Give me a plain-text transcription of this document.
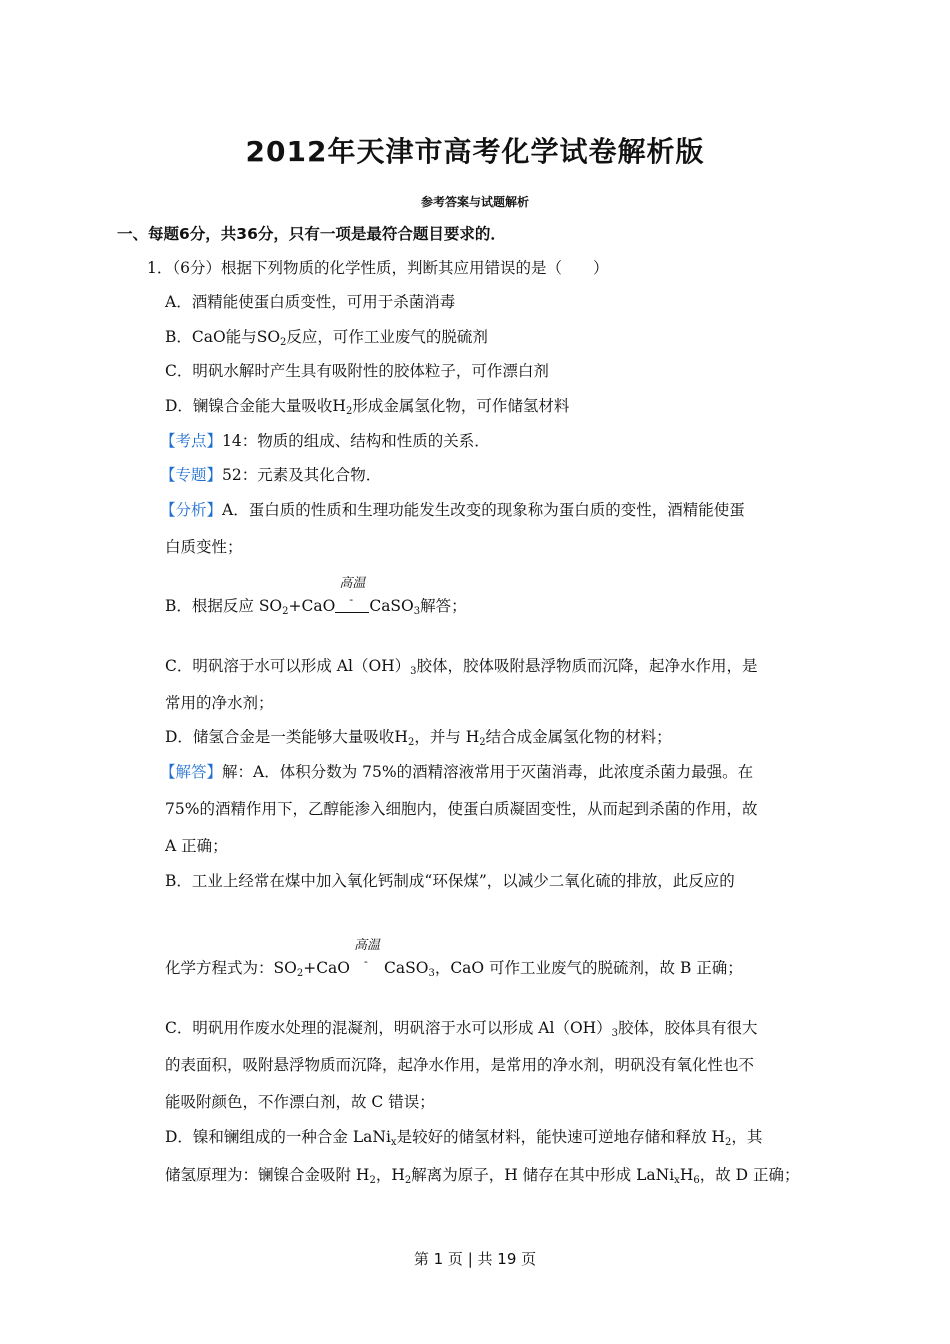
2012年天津市高考化学试卷解析版
参考答案与试题解析
一、每题6分，共36分，只有一项是最符合题目要求的．
1．（6分）根据下列物质的化学性质，判断其应用错误的是（　　）
A．酒精能使蛋白质变性，可用于杀菌消毒
B．CaO能与$SO_2$反应，可作工业废气的脱硫剂
C．明矾水解时产生具有吸附性的胶体粒子，可作漂白剂
D．镧镍合金能大量吸收$H_2$形成金属氢化物，可作储氢材料
【考点】14：物质的组成、结构和性质的关系．
【专题】52：元素及其化合物．
【分析】A．蛋白质的性质和生理功能发生改变的现象称为蛋白质的变性，酒精能使蛋
白质变性；
B．根据反应 $SO_2+CaO$
高温
- CaSO$_3$解答；
C．明矾溶于水可以形成 $Al(OH)_3$胶体，胶体吸附悬浮物质而沉降，起净水作用，是
常用的净水剂；
D．储氢合金是一类能够大量吸收$H_2$，并与 $H_2$结合成金属氢化物的材料；
【解答】解：A．体积分数为 75%的酒精溶液常用于灭菌消毒，此浓度杀菌力最强。在
75%的酒精作用下，乙醇能渗入细胞内，使蛋白质凝固变性，从而起到杀菌的作用，故
A 正确；
B．工业上经常在煤中加入氧化钙制成“环保煤”，以减少二氧化硫的排放，此反应的
化学方程式为：$SO_2+CaO$
高温
- CaSO$_3$，CaO 可作工业废气的脱硫剂，故 B 正确；
C．明矾用作废水处理的混凝剂，明矾溶于水可以形成 $Al(OH)_3$胶体，胶体具有很大
的表面积，吸附悬浮物质而沉降，起净水作用，是常用的净水剂，明矾没有氧化性也不
能吸附颜色，不作漂白剂，故 C 错误；
D．镍和镧组成的一种合金 LaNi$_x$是较好的储氢材料，能快速可逆地存储和释放 $H_2$，其
储氢原理为：镧镍合金吸附 $H_2$，$H_2$解离为原子，H 储存在其中形成 $LaNi_xH_6$，故 D 正确；
第 1 页 | 共 19 页
